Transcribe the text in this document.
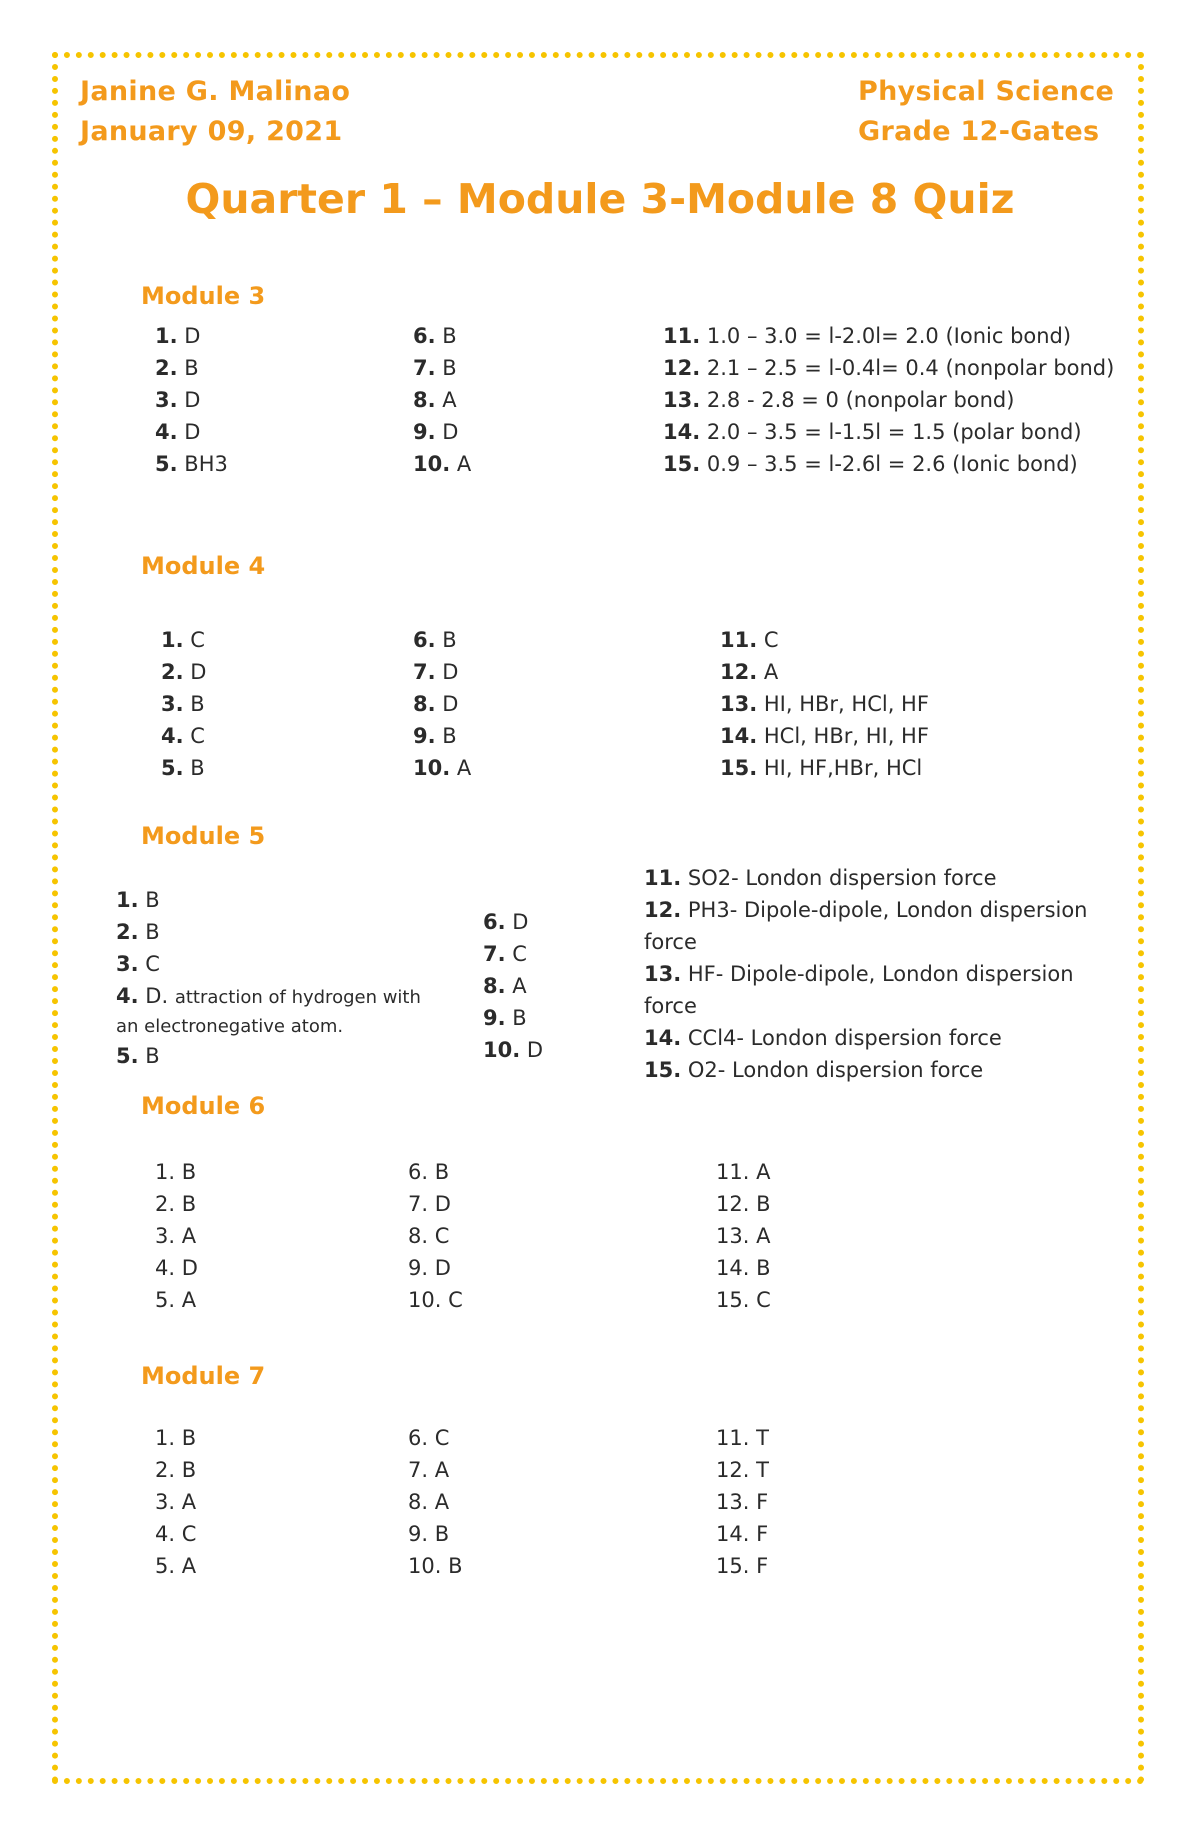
Janine G. Malinao
January 09, 2021
Physical Science
Grade 12-Gates
Quarter 1 – Module 3-Module 8 Quiz
Module 3
1. D
2. B
3. D
4. D
5. BH3
6. B
7. B
8. A
9. D
10. A
11. 1.0 – 3.0 = l-2.0l= 2.0 (Ionic bond)
12. 2.1 – 2.5 = l-0.4l= 0.4 (nonpolar bond)
13. 2.8 - 2.8 = 0 (nonpolar bond)
14. 2.0 – 3.5 = l-1.5l = 1.5 (polar bond)
15. 0.9 – 3.5 = l-2.6l = 2.6 (Ionic bond)
Module 4
1. C
2. D
3. B
4. C
5. B
6. B
7. D
8. D
9. B
10. A
11. C
12. A
13. HI, HBr, HCl, HF
14. HCl, HBr, HI, HF
15. HI, HF,HBr, HCl
Module 5
1. B
2. B
3. C
4. D. attraction of hydrogen with an electronegative atom.
5. B
6. D
7. C
8. A
9. B
10. D
11. SO2- London dispersion force
12. PH3- Dipole-dipole, London dispersion force
13. HF- Dipole-dipole, London dispersion force
14. CCl4- London dispersion force
15. O2- London dispersion force
Module 6
1. B
2. B
3. A
4. D
5. A
6. B
7. D
8. C
9. D
10. C
11. A
12. B
13. A
14. B
15. C
Module 7
1. B
2. B
3. A
4. C
5. A
6. C
7. A
8. A
9. B
10. B
11. T
12. T
13. F
14. F
15. F
